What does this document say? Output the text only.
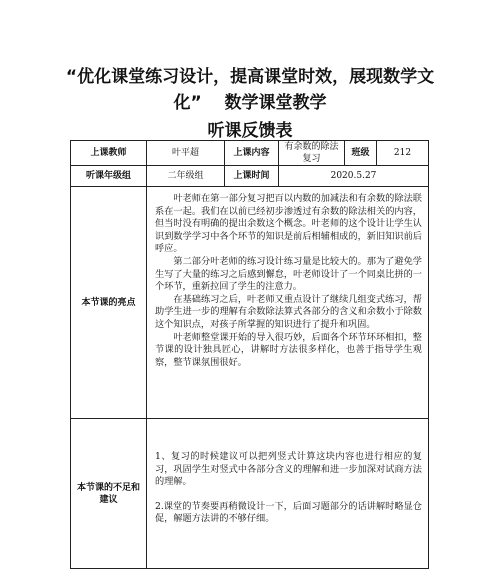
“优化课堂练习设计，提高课堂时效，展现数学文
化”　 数学课堂教学
听课反馈表
上课教师	叶平超	上课内容	有余数的除法复习	班级	212
听课年级组	二年级组	上课时间	2020.5.27		
本节课的亮点	叶老师在第一部分复习把百以内数的加减法和有余数的除法联系在一起。我们在以前已经初步渗透过有余数的除法相关的内容，但当时没有明确的提出余数这个概念。叶老师的这个设计让学生认识到数学学习中各个环节的知识是前后相辅相成的，新旧知识前后呼应。

第二部分叶老师的练习设计练习量是比较大的。那为了避免学生写了大量的练习之后感到懈怠，叶老师设计了一个同桌比拼的一个环节，重新拉回了学生的注意力。

在基础练习之后，叶老师又重点设计了继续几组变式练习，帮助学生进一步的理解有余数除法算式各部分的含义和余数小于除数这个知识点，对孩子所掌握的知识进行了提升和巩固。

叶老师整堂课开始的导入很巧妙，后面各个环节环环相扣，整节课的设计独具匠心，讲解时方法很多样化，也善于指导学生观察，整节课氛围很好。				

本节课的不足和建议	1、复习的时候建议可以把列竖式计算这块内容也进行相应的复习，巩固学生对竖式中各部分含义的理解和进一步加深对试商方法的理解。

2.课堂的节奏要再稍微设计一下，后面习题部分的话讲解时略显仓促，解题方法讲的不够仔细。				
